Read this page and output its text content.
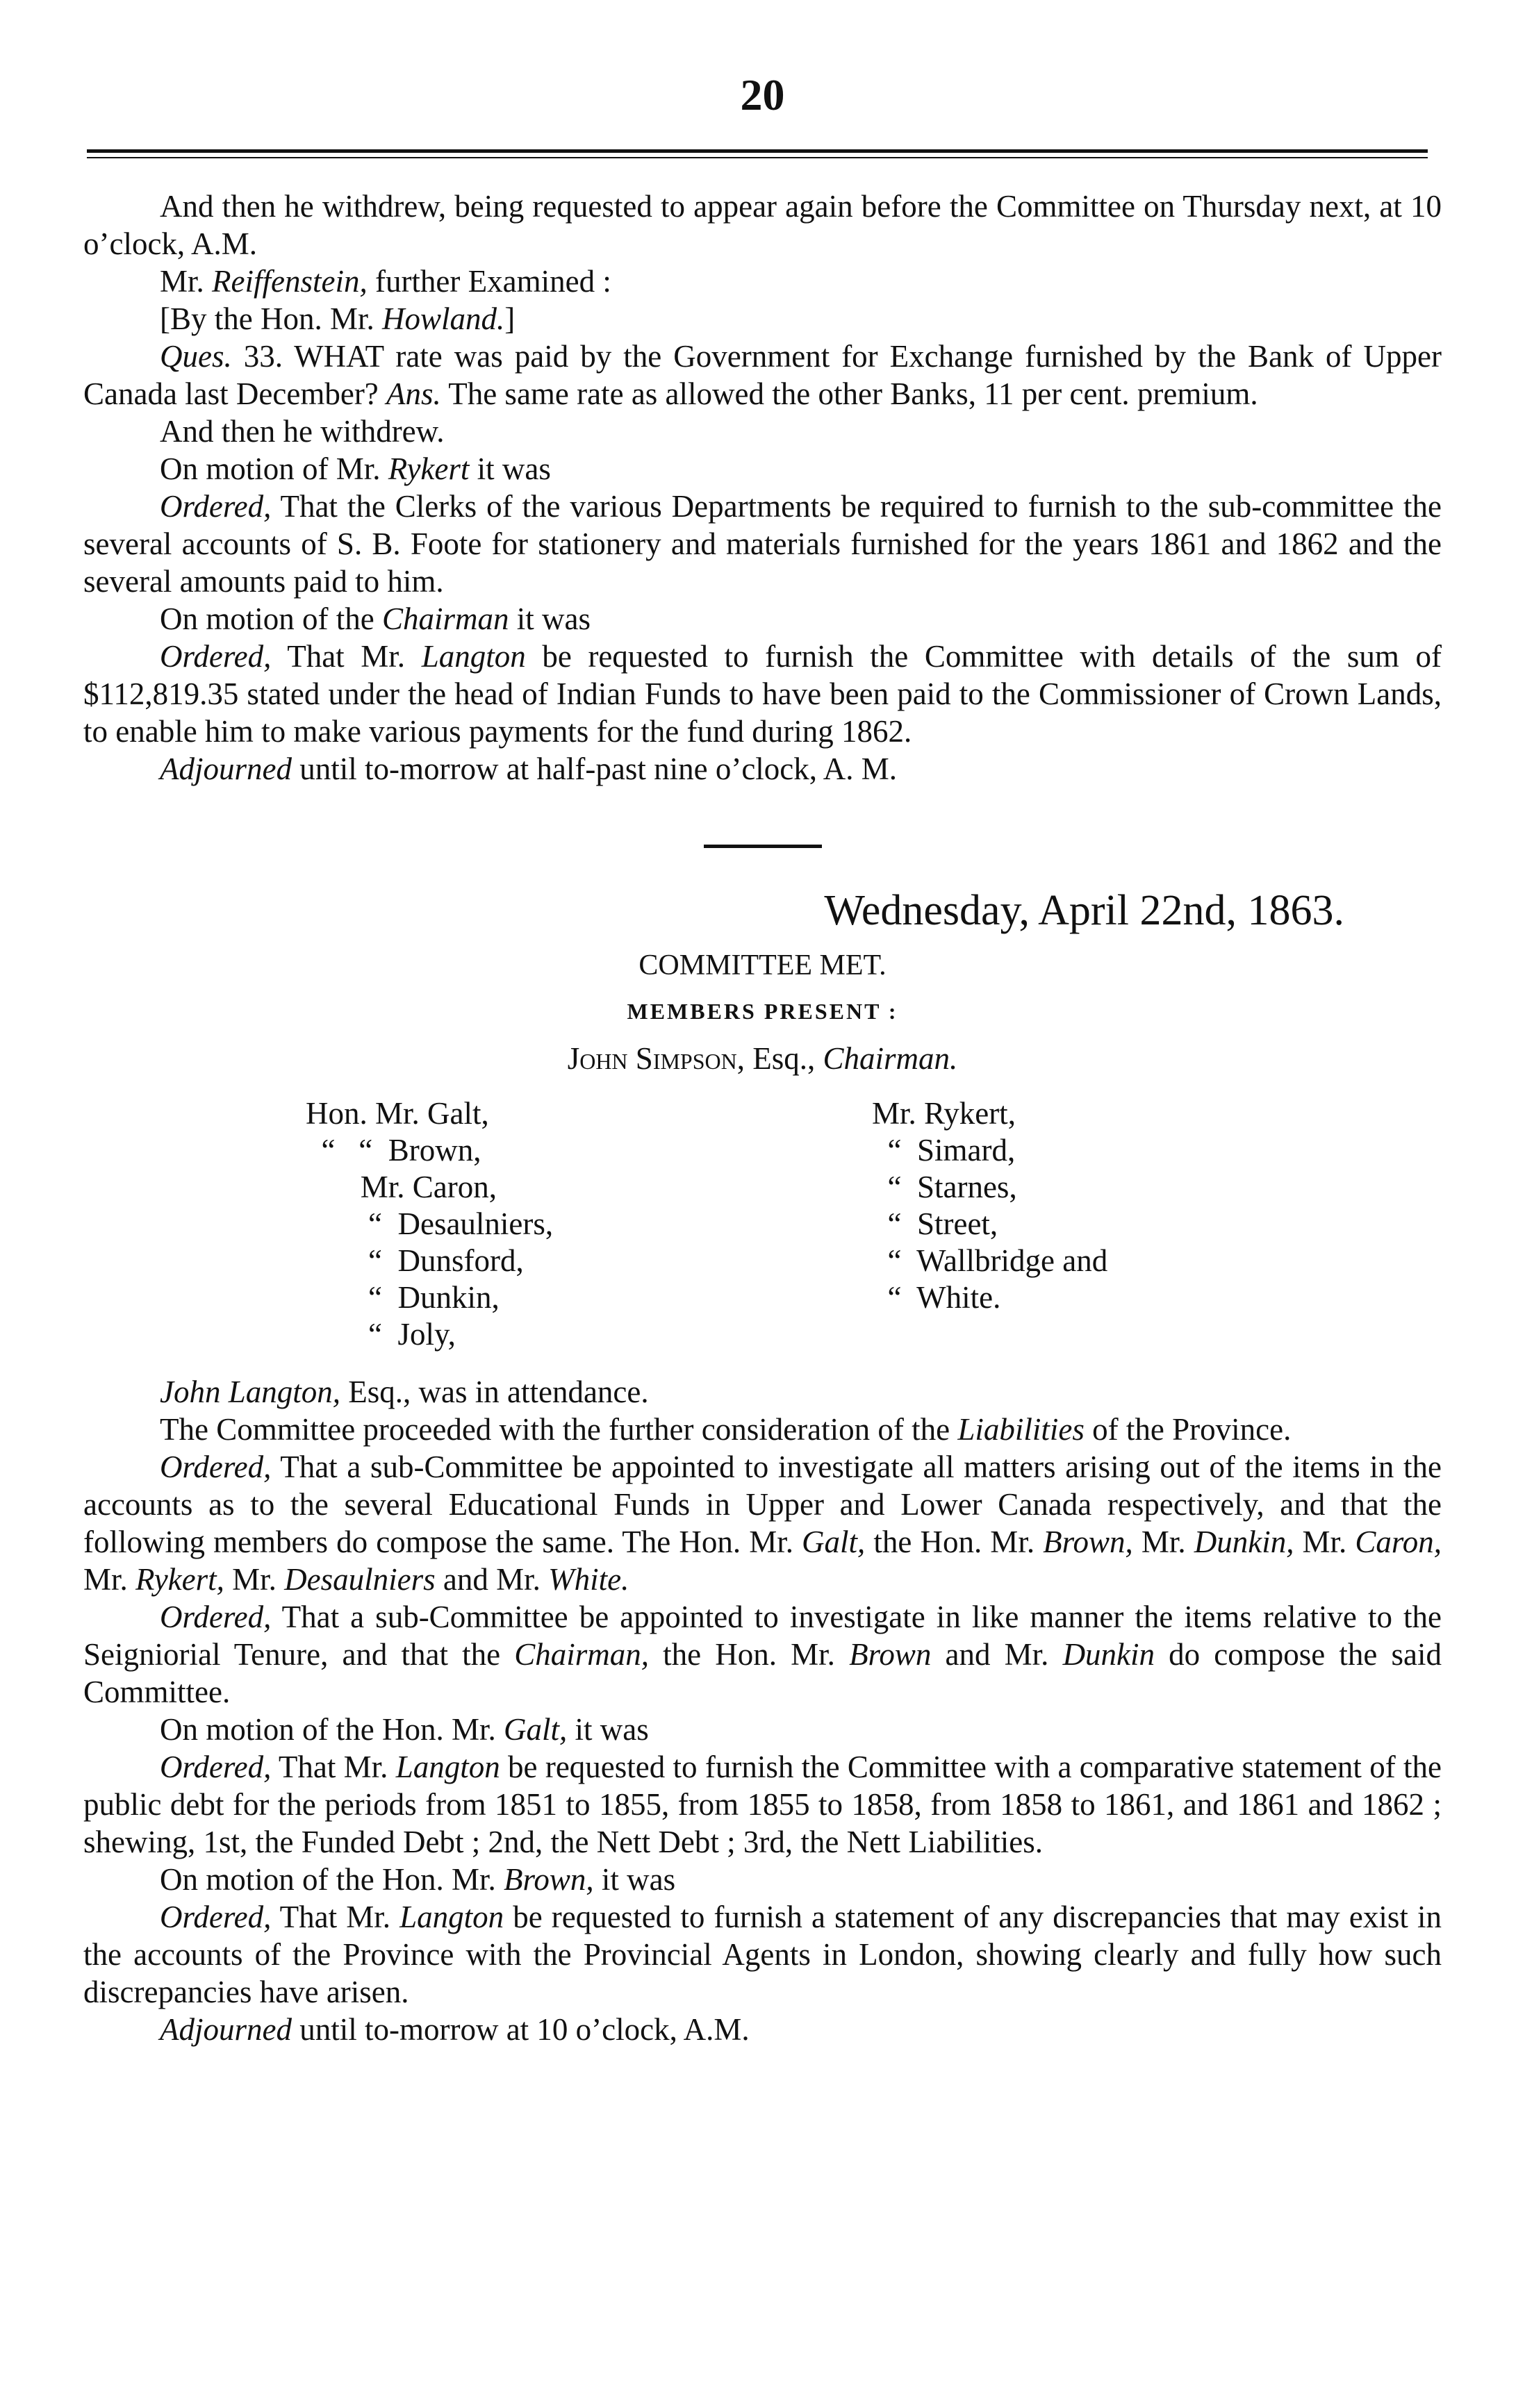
20

And then he withdrew, being requested to appear again before the Committee on Thursday next, at 10 o’clock, A.M.

Mr. Reiffenstein, further Examined :

[By the Hon. Mr. Howland.]

Ques. 33. WHAT rate was paid by the Government for Exchange furnished by the Bank of Upper Canada last December? Ans. The same rate as allowed the other Banks, 11 per cent. premium.

And then he withdrew.

On motion of Mr. Rykert it was

Ordered, That the Clerks of the various Departments be required to furnish to the sub-committee the several accounts of S. B. Foote for stationery and materials furnished for the years 1861 and 1862 and the several amounts paid to him.

On motion of the Chairman it was

Ordered, That Mr. Langton be requested to furnish the Committee with details of the sum of $112,819.35 stated under the head of Indian Funds to have been paid to the Commissioner of Crown Lands, to enable him to make various payments for the fund during 1862.

Adjourned until to-morrow at half-past nine o’clock, A. M.

Wednesday, April 22nd, 1863.
COMMITTEE MET.
MEMBERS PRESENT :
John Simpson, Esq., Chairman.
Hon. Mr. Galt,
“   “  Brown,
Mr. Caron,
“  Desaulniers,
“  Dunsford,
“  Dunkin,
“  Joly,
Mr. Rykert,
“  Simard,
“  Starnes,
“  Street,
“  Wallbridge and
“  White.

John Langton, Esq., was in attendance.

The Committee proceeded with the further consideration of the Liabilities of the Province.

Ordered, That a sub-Committee be appointed to investigate all matters arising out of the items in the accounts as to the several Educational Funds in Upper and Lower Canada respectively, and that the following members do compose the same. The Hon. Mr. Galt, the Hon. Mr. Brown, Mr. Dunkin, Mr. Caron, Mr. Rykert, Mr. Desaulniers and Mr. White.

Ordered, That a sub-Committee be appointed to investigate in like manner the items relative to the Seigniorial Tenure, and that the Chairman, the Hon. Mr. Brown and Mr. Dunkin do compose the said Committee.

On motion of the Hon. Mr. Galt, it was

Ordered, That Mr. Langton be requested to furnish the Committee with a comparative statement of the public debt for the periods from 1851 to 1855, from 1855 to 1858, from 1858 to 1861, and 1861 and 1862 ; shewing, 1st, the Funded Debt ; 2nd, the Nett Debt ; 3rd, the Nett Liabilities.

On motion of the Hon. Mr. Brown, it was

Ordered, That Mr. Langton be requested to furnish a statement of any discrepancies that may exist in the accounts of the Province with the Provincial Agents in London, showing clearly and fully how such discrepancies have arisen.

Adjourned until to-morrow at 10 o’clock, A.M.
